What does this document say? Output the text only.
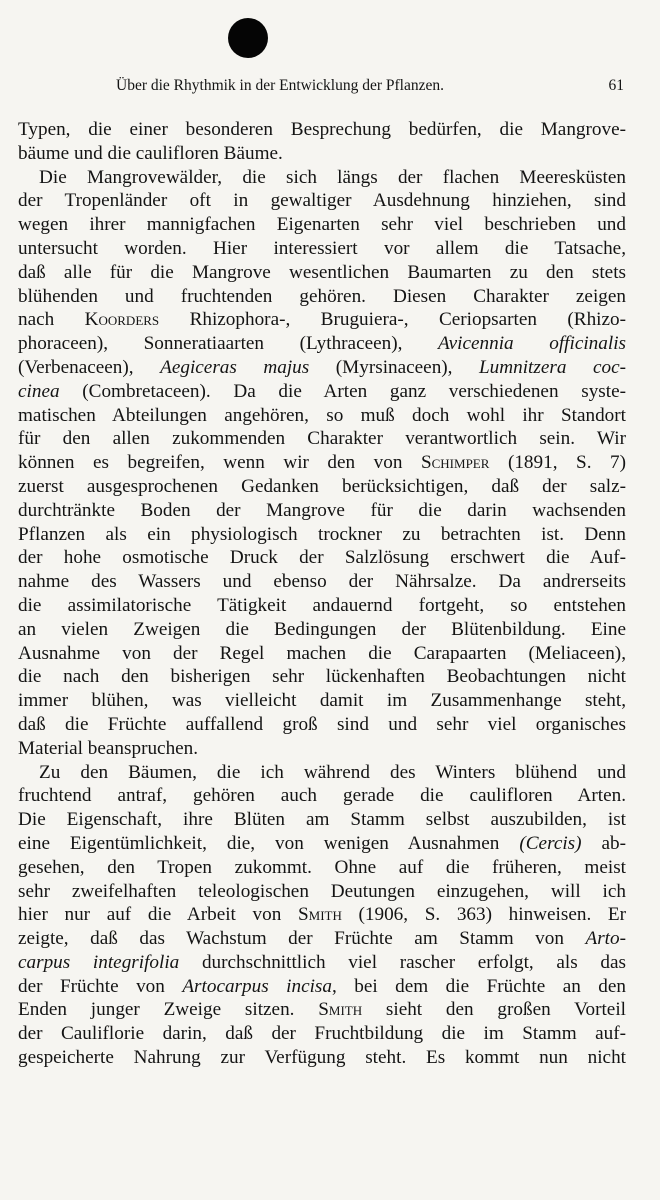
Über die Rhythmik in der Entwicklung der Pflanzen.	61
Typen, die einer besonderen Besprechung bedürfen, die Mangrove-
bäume und die caulifloren Bäume.
Die Mangrovewälder, die sich längs der flachen Meeresküsten
der Tropenländer oft in gewaltiger Ausdehnung hinziehen, sind
wegen ihrer mannigfachen Eigenarten sehr viel beschrieben und
untersucht worden. Hier interessiert vor allem die Tatsache,
daß alle für die Mangrove wesentlichen Baumarten zu den stets
blühenden und fruchtenden gehören. Diesen Charakter zeigen
nach Koorders Rhizophora-, Bruguiera-, Ceriopsarten (Rhizo-
phoraceen), Sonneratiaarten (Lythraceen), Avicennia officinalis
(Verbenaceen), Aegiceras majus (Myrsinaceen), Lumnitzera coc-
cinea (Combretaceen). Da die Arten ganz verschiedenen syste-
matischen Abteilungen angehören, so muß doch wohl ihr Standort
für den allen zukommenden Charakter verantwortlich sein. Wir
können es begreifen, wenn wir den von Schimper (1891, S. 7)
zuerst ausgesprochenen Gedanken berücksichtigen, daß der salz-
durchtränkte Boden der Mangrove für die darin wachsenden
Pflanzen als ein physiologisch trockner zu betrachten ist. Denn
der hohe osmotische Druck der Salzlösung erschwert die Auf-
nahme des Wassers und ebenso der Nährsalze. Da andrerseits
die assimilatorische Tätigkeit andauernd fortgeht, so entstehen
an vielen Zweigen die Bedingungen der Blütenbildung. Eine
Ausnahme von der Regel machen die Carapaarten (Meliaceen),
die nach den bisherigen sehr lückenhaften Beobachtungen nicht
immer blühen, was vielleicht damit im Zusammenhange steht,
daß die Früchte auffallend groß sind und sehr viel organisches
Material beanspruchen.
Zu den Bäumen, die ich während des Winters blühend und
fruchtend antraf, gehören auch gerade die caulifloren Arten.
Die Eigenschaft, ihre Blüten am Stamm selbst auszubilden, ist
eine Eigentümlichkeit, die, von wenigen Ausnahmen (Cercis) ab-
gesehen, den Tropen zukommt. Ohne auf die früheren, meist
sehr zweifelhaften teleologischen Deutungen einzugehen, will ich
hier nur auf die Arbeit von Smith (1906, S. 363) hinweisen. Er
zeigte, daß das Wachstum der Früchte am Stamm von Arto-
carpus integrifolia durchschnittlich viel rascher erfolgt, als das
der Früchte von Artocarpus incisa, bei dem die Früchte an den
Enden junger Zweige sitzen. Smith sieht den großen Vorteil
der Cauliflorie darin, daß der Fruchtbildung die im Stamm auf-
gespeicherte Nahrung zur Verfügung steht. Es kommt nun nicht
